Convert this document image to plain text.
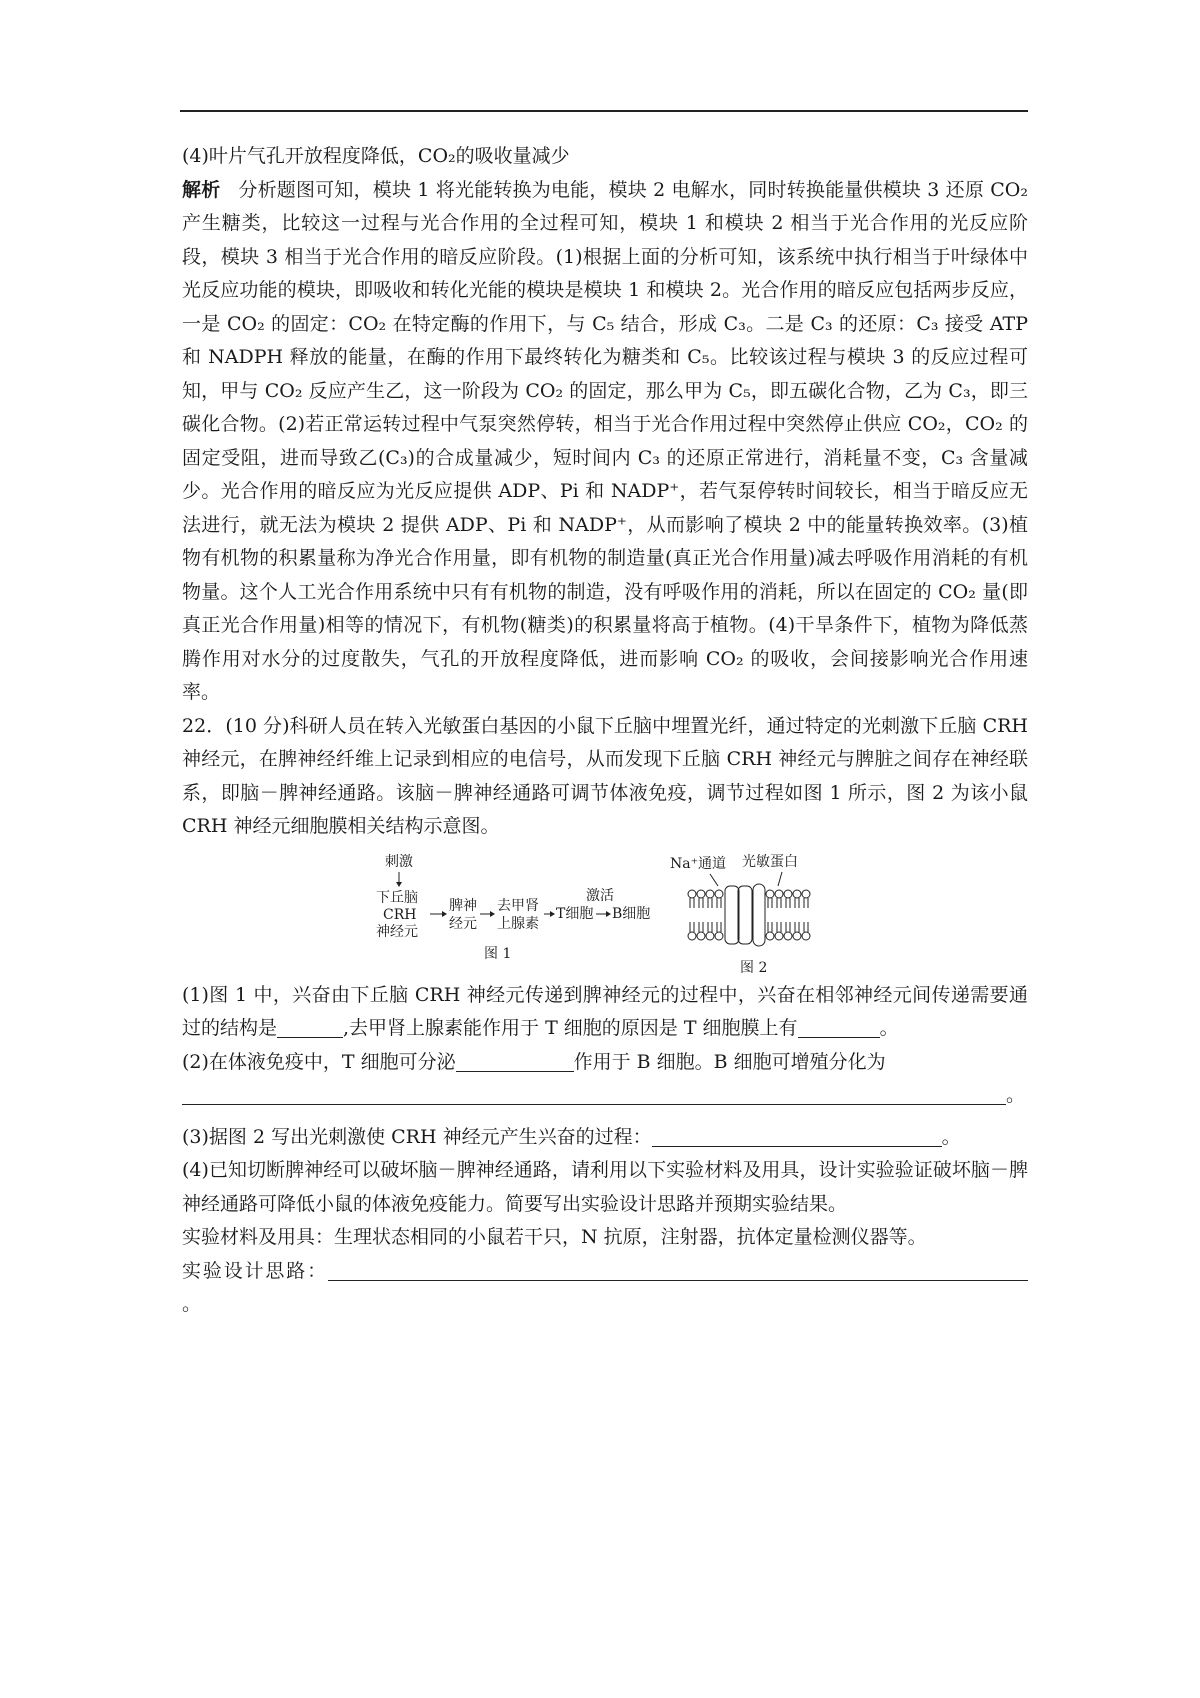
(4)叶片气孔开放程度降低，CO₂的吸收量减少

解析 分析题图可知，模块 1 将光能转换为电能，模块 2 电解水，同时转换能量供模块 3 还原 CO₂ 产生糖类，比较这一过程与光合作用的全过程可知，模块 1 和模块 2 相当于光合作用的光反应阶段，模块 3 相当于光合作用的暗反应阶段。(1)根据上面的分析可知，该系统中执行相当于叶绿体中光反应功能的模块，即吸收和转化光能的模块是模块 1 和模块 2。光合作用的暗反应包括两步反应，一是 CO₂ 的固定：CO₂ 在特定酶的作用下，与 C₅ 结合，形成 C₃。二是 C₃ 的还原：C₃ 接受 ATP 和 NADPH 释放的能量，在酶的作用下最终转化为糖类和 C₅。比较该过程与模块 3 的反应过程可知，甲与 CO₂ 反应产生乙，这一阶段为 CO₂ 的固定，那么甲为 C₅，即五碳化合物，乙为 C₃，即三碳化合物。(2)若正常运转过程中气泵突然停转，相当于光合作用过程中突然停止供应 CO₂，CO₂ 的固定受阻，进而导致乙(C₃)的合成量减少，短时间内 C₃ 的还原正常进行，消耗量不变，C₃ 含量减少。光合作用的暗反应为光反应提供 ADP、Pi 和 NADP⁺，若气泵停转时间较长，相当于暗反应无法进行，就无法为模块 2 提供 ADP、Pi 和 NADP⁺，从而影响了模块 2 中的能量转换效率。(3)植物有机物的积累量称为净光合作用量，即有机物的制造量(真正光合作用量)减去呼吸作用消耗的有机物量。这个人工光合作用系统中只有有机物的制造，没有呼吸作用的消耗，所以在固定的 CO₂ 量(即真正光合作用量)相等的情况下，有机物(糖类)的积累量将高于植物。(4)干旱条件下，植物为降低蒸腾作用对水分的过度散失，气孔的开放程度降低，进而影响 CO₂ 的吸收，会间接影响光合作用速率。

22．(10 分)科研人员在转入光敏蛋白基因的小鼠下丘脑中埋置光纤，通过特定的光刺激下丘脑 CRH 神经元，在脾神经纤维上记录到相应的电信号，从而发现下丘脑 CRH 神经元与脾脏之间存在神经联系，即脑－脾神经通路。该脑－脾神经通路可调节体液免疫，调节过程如图 1 所示，图 2 为该小鼠 CRH 神经元细胞膜相关结构示意图。

刺激
下丘脑
CRH
神经元
脾神
经元
去甲肾
上腺素
T细胞
激活
B细胞
图 1
Na⁺通道 光敏蛋白
图 2

(1)图 1 中，兴奋由下丘脑 CRH 神经元传递到脾神经元的过程中，兴奋在相邻神经元间传递需要通过的结构是	,去甲肾上腺素能作用于 T 细胞的原因是 T 细胞膜上有	。

(2)在体液免疫中，T 细胞可分泌	作用于 B 细胞。B 细胞可增殖分化为

。

(3)据图 2 写出光刺激使 CRH 神经元产生兴奋的过程：	。

(4)已知切断脾神经可以破坏脑－脾神经通路，请利用以下实验材料及用具，设计实验验证破坏脑－脾神经通路可降低小鼠的体液免疫能力。简要写出实验设计思路并预期实验结果。

实验材料及用具：生理状态相同的小鼠若干只，N 抗原，注射器，抗体定量检测仪器等。

实验设计思路：。
